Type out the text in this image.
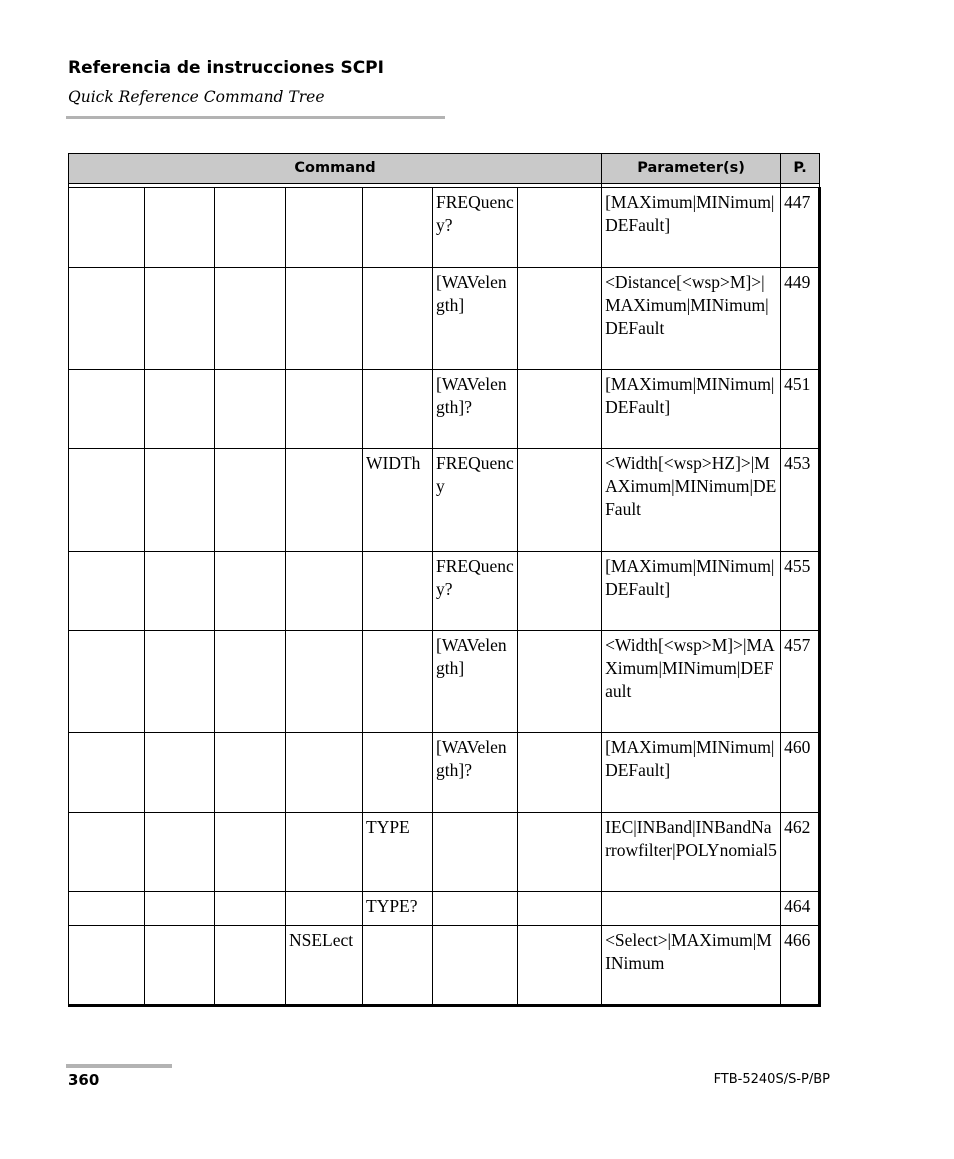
Referencia de instrucciones SCPI
Quick Reference Command Tree
Command							Parameter(s)	P.

					FREQuency?		[MAXimum|MINimum|DEFault]	447
					[WAVelength]		<Distance[<wsp>M]>|MAXimum|MINimum|DEFault	449
					[WAVelength]?		[MAXimum|MINimum|DEFault]	451
				WIDTh	FREQuency		<Width[<wsp>HZ]>|MAXimum|MINimum|DEFault	453
					FREQuency?		[MAXimum|MINimum|DEFault]	455
					[WAVelength]		<Width[<wsp>M]>|MAXimum|MINimum|DEFault	457
					[WAVelength]?		[MAXimum|MINimum|DEFault]	460
				TYPE			IEC|INBand|INBandNarrowfilter|POLYnomial5	462
				TYPE?				464
			NSELect				<Select>|MAXimum|MINimum	466
360	FTB-5240S/S-P/BP
